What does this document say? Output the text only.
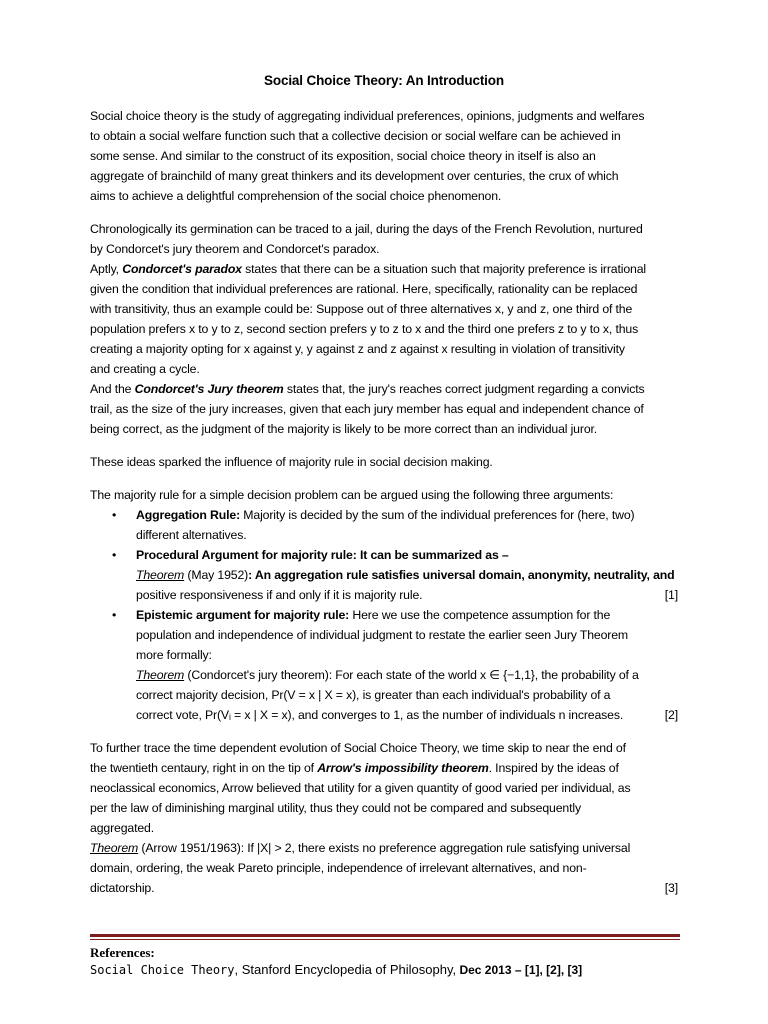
Social Choice Theory: An Introduction

Social choice theory is the study of aggregating individual preferences, opinions, judgments and welfares
to obtain a social welfare function such that a collective decision or social welfare can be achieved in
some sense. And similar to the construct of its exposition, social choice theory in itself is also an
aggregate of brainchild of many great thinkers and its development over centuries, the crux of which
aims to achieve a delightful comprehension of the social choice phenomenon.

Chronologically its germination can be traced to a jail, during the days of the French Revolution, nurtured
by Condorcet's jury theorem and Condorcet's paradox.

Aptly, Condorcet's paradox states that there can be a situation such that majority preference is irrational
given the condition that individual preferences are rational. Here, specifically, rationality can be replaced
with transitivity, thus an example could be: Suppose out of three alternatives x, y and z, one third of the
population prefers x to y to z, second section prefers y to z to x and the third one prefers z to y to x, thus
creating a majority opting for x against y, y against z and z against x resulting in violation of transitivity
and creating a cycle.

And the Condorcet's Jury theorem states that, the jury's reaches correct judgment regarding a convicts
trail, as the size of the jury increases, given that each jury member has equal and independent chance of
being correct, as the judgment of the majority is likely to be more correct than an individual juror.

These ideas sparked the influence of majority rule in social decision making.

The majority rule for a simple decision problem can be argued using the following three arguments:

• Aggregation Rule: Majority is decided by the sum of the individual preferences for (here, two)
different alternatives.
• Procedural Argument for majority rule: It can be summarized as –
Theorem (May 1952): An aggregation rule satisfies universal domain, anonymity, neutrality, and
positive responsiveness if and only if it is majority rule.	[1]
• Epistemic argument for majority rule: Here we use the competence assumption for the
population and independence of individual judgment to restate the earlier seen Jury Theorem
more formally:
Theorem (Condorcet's jury theorem): For each state of the world x ∈ {−1,1}, the probability of a
correct majority decision, Pr(V = x | X = x), is greater than each individual's probability of a
correct vote, Pr(Vᵢ = x | X = x), and converges to 1, as the number of individuals n increases.	[2]

To further trace the time dependent evolution of Social Choice Theory, we time skip to near the end of
the twentieth centaury, right in on the tip of Arrow's impossibility theorem. Inspired by the ideas of
neoclassical economics, Arrow believed that utility for a given quantity of good varied per individual, as
per the law of diminishing marginal utility, thus they could not be compared and subsequently
aggregated.

Theorem (Arrow 1951/1963): If |X| > 2, there exists no preference aggregation rule satisfying universal
domain, ordering, the weak Pareto principle, independence of irrelevant alternatives, and non-
dictatorship.	[3]

References:
Social Choice Theory, Stanford Encyclopedia of Philosophy, Dec 2013 – [1], [2], [3]
